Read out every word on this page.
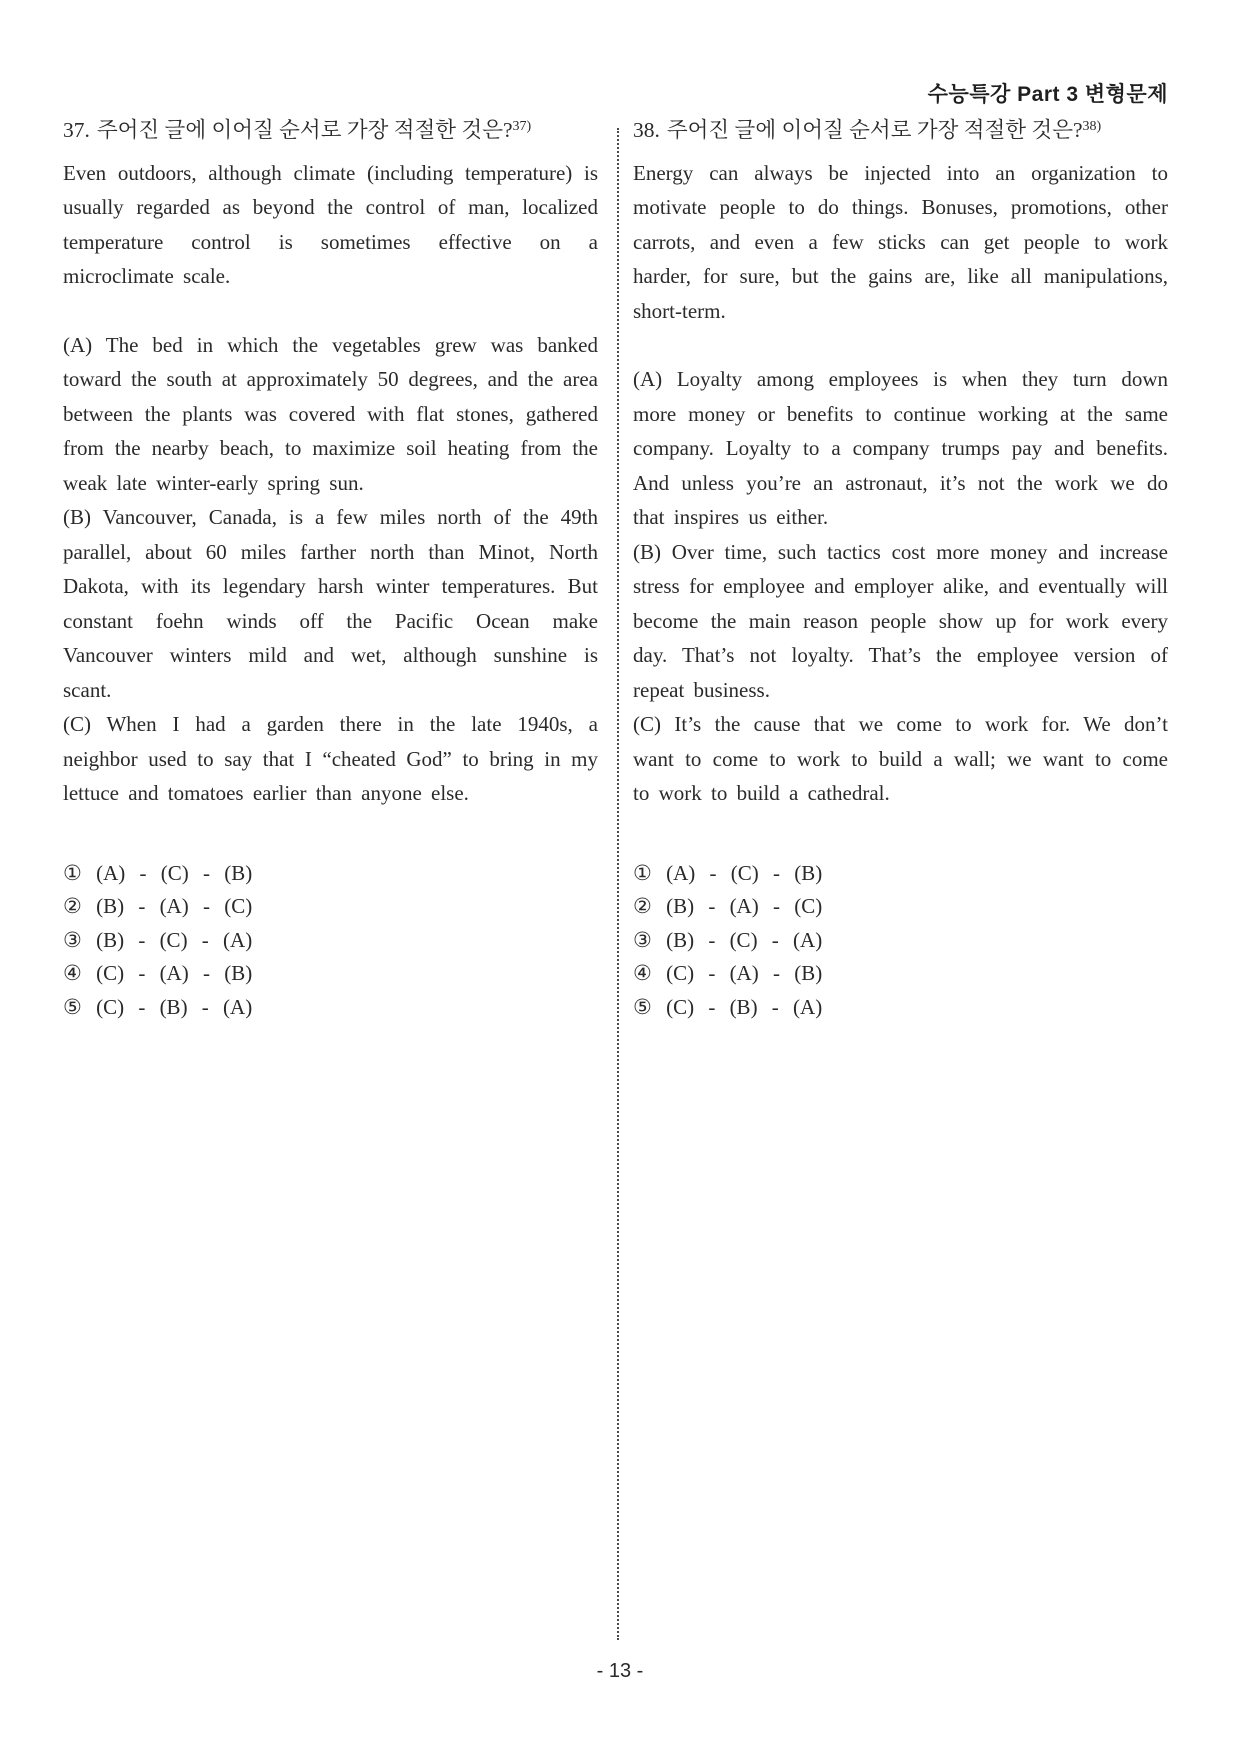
수능특강 Part 3 변형문제
37. 주어진 글에 이어질 순서로 가장 적절한 것은?$^{37)}$

Even outdoors, although climate (including temperature) is usually regarded as beyond the control of man, localized temperature control is sometimes effective on a microclimate scale.

(A) The bed in which the vegetables grew was banked toward the south at approximately 50 degrees, and the area between the plants was covered with flat stones, gathered from the nearby beach, to maximize soil heating from the weak late winter-early spring sun.

(B) Vancouver, Canada, is a few miles north of the 49th parallel, about 60 miles farther north than Minot, North Dakota, with its legendary harsh winter temperatures. But constant foehn winds off the Pacific Ocean make Vancouver winters mild and wet, although sunshine is scant.

(C) When I had a garden there in the late 1940s, a neighbor used to say that I “cheated God” to bring in my lettuce and tomatoes earlier than anyone else.

① (A) - (C) - (B)
② (B) - (A) - (C)
③ (B) - (C) - (A)
④ (C) - (A) - (B)
⑤ (C) - (B) - (A)
38. 주어진 글에 이어질 순서로 가장 적절한 것은?$^{38)}$

Energy can always be injected into an organization to motivate people to do things. Bonuses, promotions, other carrots, and even a few sticks can get people to work harder, for sure, but the gains are, like all manipulations, short-term.

(A) Loyalty among employees is when they turn down more money or benefits to continue working at the same company. Loyalty to a company trumps pay and benefits. And unless you’re an astronaut, it’s not the work we do that inspires us either.

(B) Over time, such tactics cost more money and increase stress for employee and employer alike, and eventually will become the main reason people show up for work every day. That’s not loyalty. That’s the employee version of repeat business.

(C) It’s the cause that we come to work for. We don’t want to come to work to build a wall; we want to come to work to build a cathedral.

① (A) - (C) - (B)
② (B) - (A) - (C)
③ (B) - (C) - (A)
④ (C) - (A) - (B)
⑤ (C) - (B) - (A)
- 13 -
